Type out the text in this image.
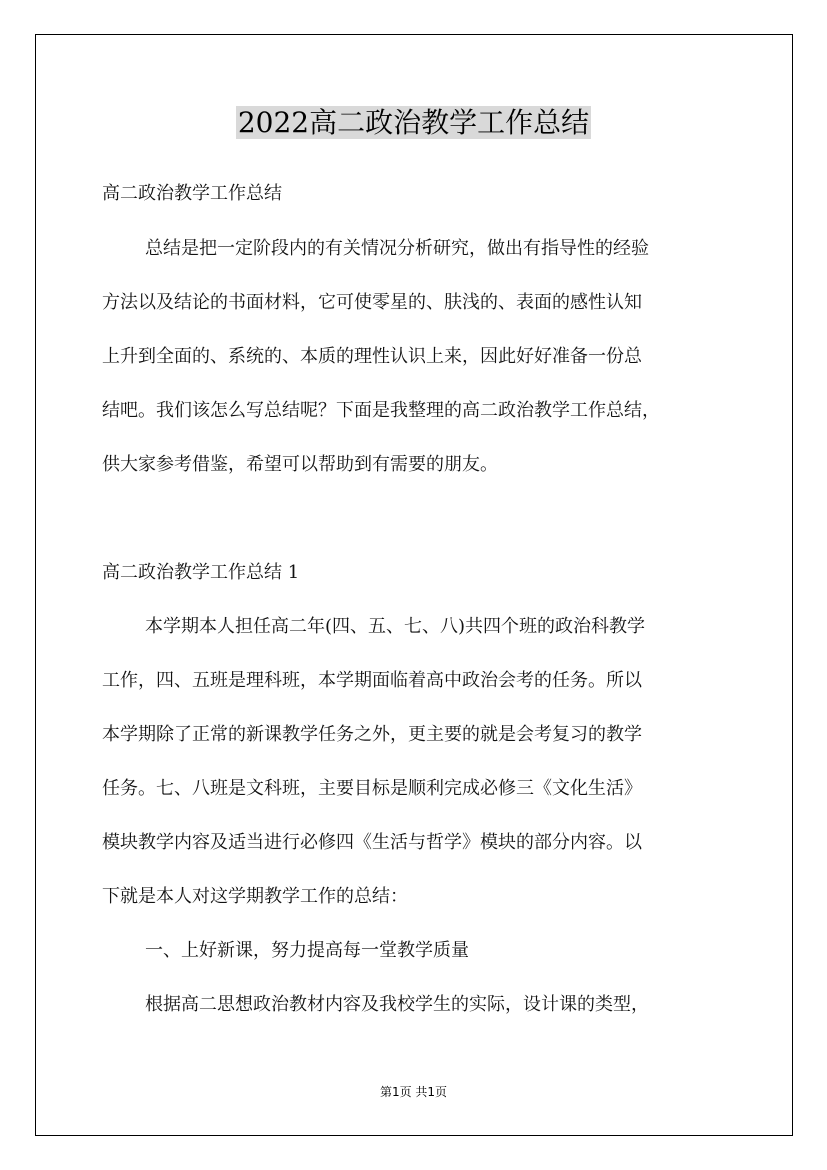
2022高二政治教学工作总结
高二政治教学工作总结
总结是把一定阶段内的有关情况分析研究，做出有指导性的经验
方法以及结论的书面材料，它可使零星的、肤浅的、表面的感性认知
上升到全面的、系统的、本质的理性认识上来，因此好好准备一份总
结吧。我们该怎么写总结呢？下面是我整理的高二政治教学工作总结，
供大家参考借鉴，希望可以帮助到有需要的朋友。
高二政治教学工作总结 1
本学期本人担任高二年(四、五、七、八)共四个班的政治科教学
工作，四、五班是理科班，本学期面临着高中政治会考的任务。所以
本学期除了正常的新课教学任务之外，更主要的就是会考复习的教学
任务。七、八班是文科班，主要目标是顺利完成必修三《文化生活》
模块教学内容及适当进行必修四《生活与哲学》模块的部分内容。以
下就是本人对这学期教学工作的总结：
一、上好新课，努力提高每一堂教学质量
根据高二思想政治教材内容及我校学生的实际，设计课的类型，
第1页 共1页
